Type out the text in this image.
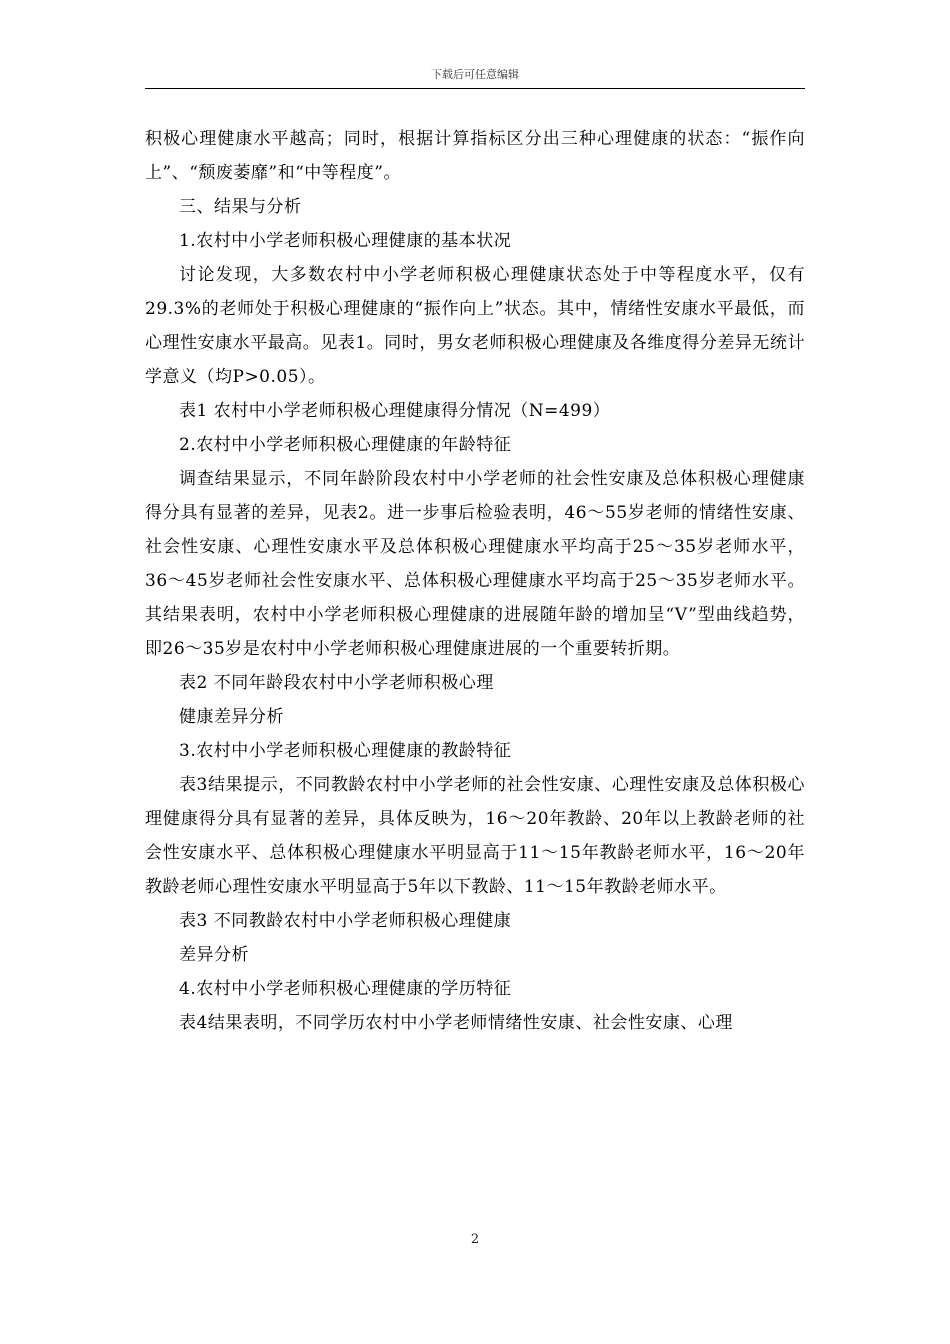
下载后可任意编辑

积极心理健康水平越高；同时，根据计算指标区分出三种心理健康的状态：“振作向上”、“颓废萎靡”和“中等程度”。

三、结果与分析

1.农村中小学老师积极心理健康的基本状况

讨论发现，大多数农村中小学老师积极心理健康状态处于中等程度水平，仅有29.3%的老师处于积极心理健康的“振作向上”状态。其中，情绪性安康水平最低，而心理性安康水平最高。见表1。同时，男女老师积极心理健康及各维度得分差异无统计学意义（均P>0.05）。

表1 农村中小学老师积极心理健康得分情况（N=499）

2.农村中小学老师积极心理健康的年龄特征

调查结果显示，不同年龄阶段农村中小学老师的社会性安康及总体积极心理健康得分具有显著的差异，见表2。进一步事后检验表明，46～55岁老师的情绪性安康、社会性安康、心理性安康水平及总体积极心理健康水平均高于25～35岁老师水平，36～45岁老师社会性安康水平、总体积极心理健康水平均高于25～35岁老师水平。其结果表明，农村中小学老师积极心理健康的进展随年龄的增加呈“V”型曲线趋势，即26～35岁是农村中小学老师积极心理健康进展的一个重要转折期。

表2 不同年龄段农村中小学老师积极心理

健康差异分析

3.农村中小学老师积极心理健康的教龄特征

表3结果提示，不同教龄农村中小学老师的社会性安康、心理性安康及总体积极心理健康得分具有显著的差异，具体反映为，16～20年教龄、20年以上教龄老师的社会性安康水平、总体积极心理健康水平明显高于11～15年教龄老师水平，16～20年教龄老师心理性安康水平明显高于5年以下教龄、11～15年教龄老师水平。

表3 不同教龄农村中小学老师积极心理健康

差异分析

4.农村中小学老师积极心理健康的学历特征

表4结果表明，不同学历农村中小学老师情绪性安康、社会性安康、心理

2
